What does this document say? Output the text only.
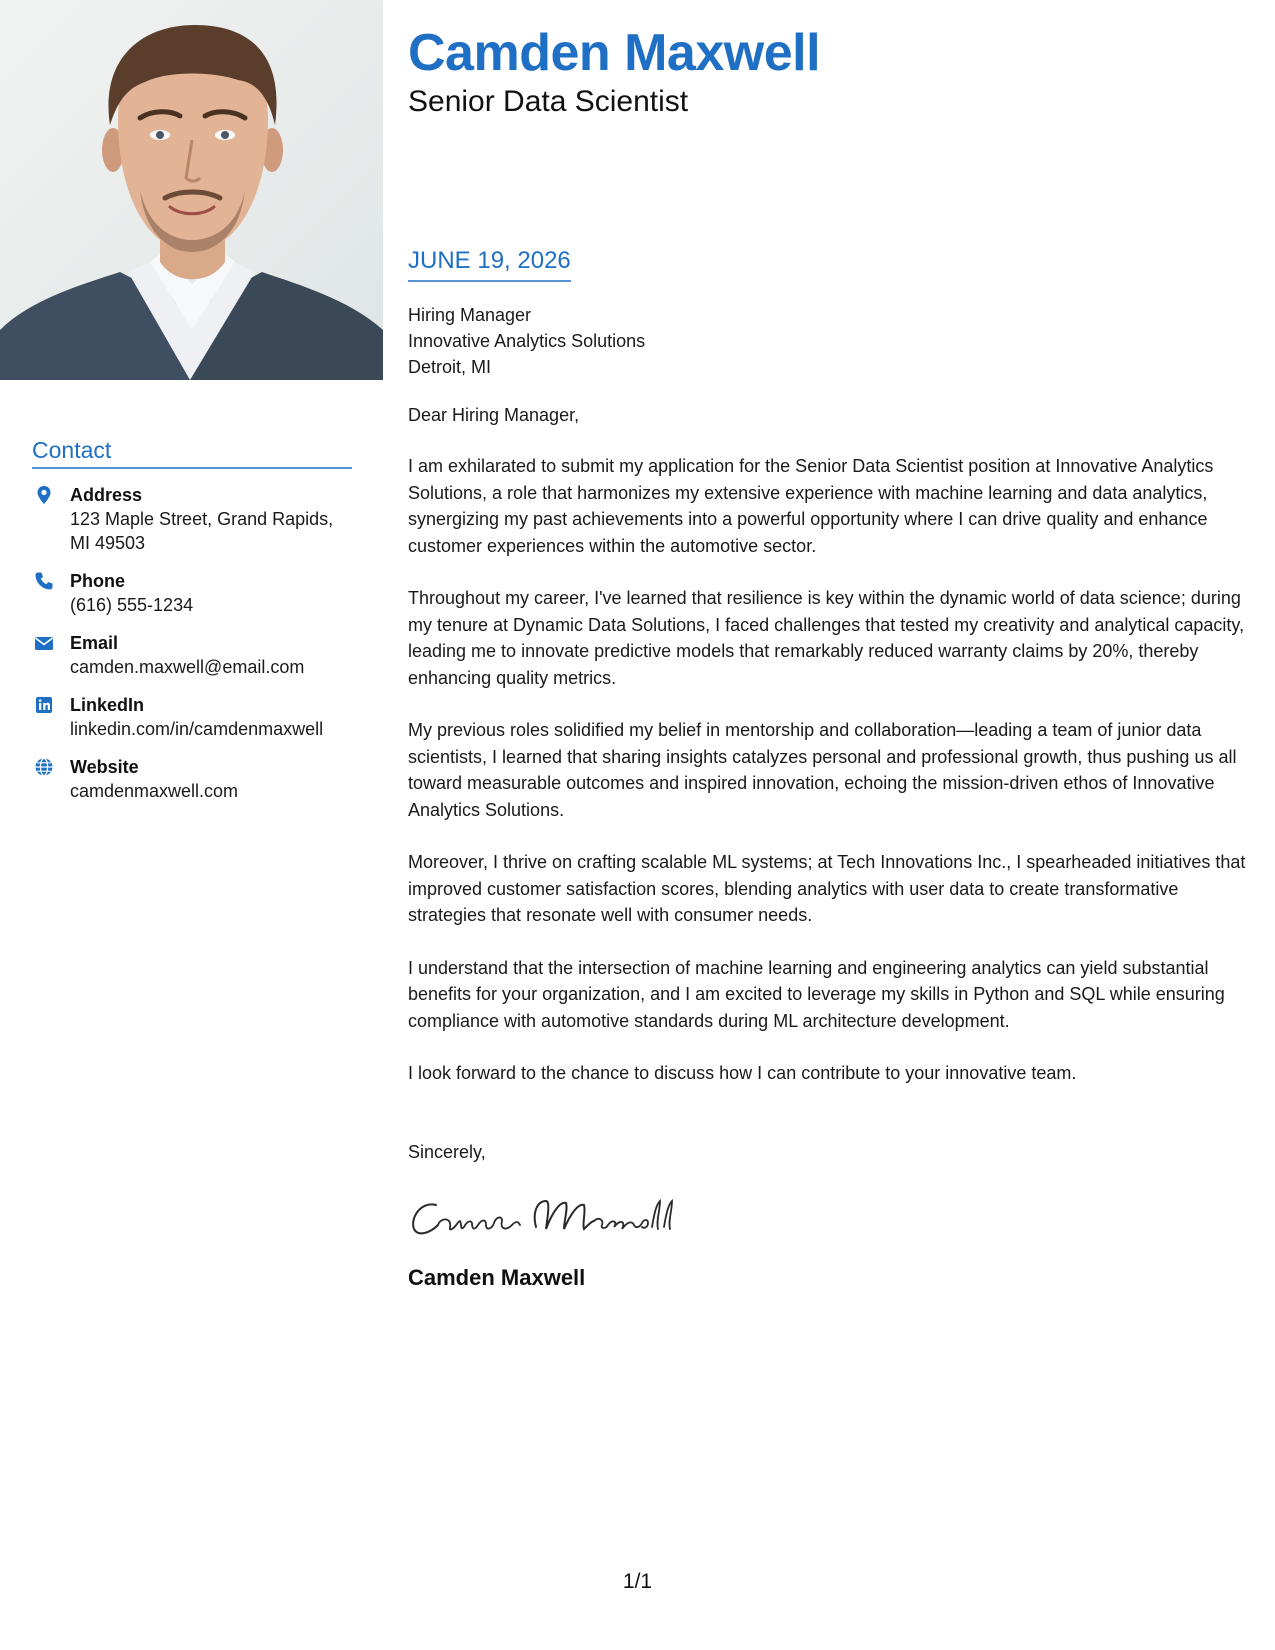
Contact
Address
123 Maple Street, Grand Rapids,
MI 49503
Phone
(616) 555-1234
Email
camden.maxwell@email.com
LinkedIn
linkedin.com/in/camdenmaxwell
Website
camdenmaxwell.com
Camden Maxwell
Senior Data Scientist
JUNE 19, 2026
Hiring Manager
Innovative Analytics Solutions
Detroit, MI
Dear Hiring Manager,

I am exhilarated to submit my application for the Senior Data Scientist position at Innovative Analytics Solutions, a role that harmonizes my extensive experience with machine learning and data analytics, synergizing my past achievements into a powerful opportunity where I can drive quality and enhance customer experiences within the automotive sector.

Throughout my career, I've learned that resilience is key within the dynamic world of data science; during my tenure at Dynamic Data Solutions, I faced challenges that tested my creativity and analytical capacity, leading me to innovate predictive models that remarkably reduced warranty claims by 20%, thereby enhancing quality metrics.

My previous roles solidified my belief in mentorship and collaboration—leading a team of junior data scientists, I learned that sharing insights catalyzes personal and professional growth, thus pushing us all toward measurable outcomes and inspired innovation, echoing the mission-driven ethos of Innovative Analytics Solutions.

Moreover, I thrive on crafting scalable ML systems; at Tech Innovations Inc., I spearheaded initiatives that improved customer satisfaction scores, blending analytics with user data to create transformative strategies that resonate well with consumer needs.

I understand that the intersection of machine learning and engineering analytics can yield substantial benefits for your organization, and I am excited to leverage my skills in Python and SQL while ensuring compliance with automotive standards during ML architecture development.

I look forward to the chance to discuss how I can contribute to your innovative team.

Sincerely,
Camden Maxwell
1/1
